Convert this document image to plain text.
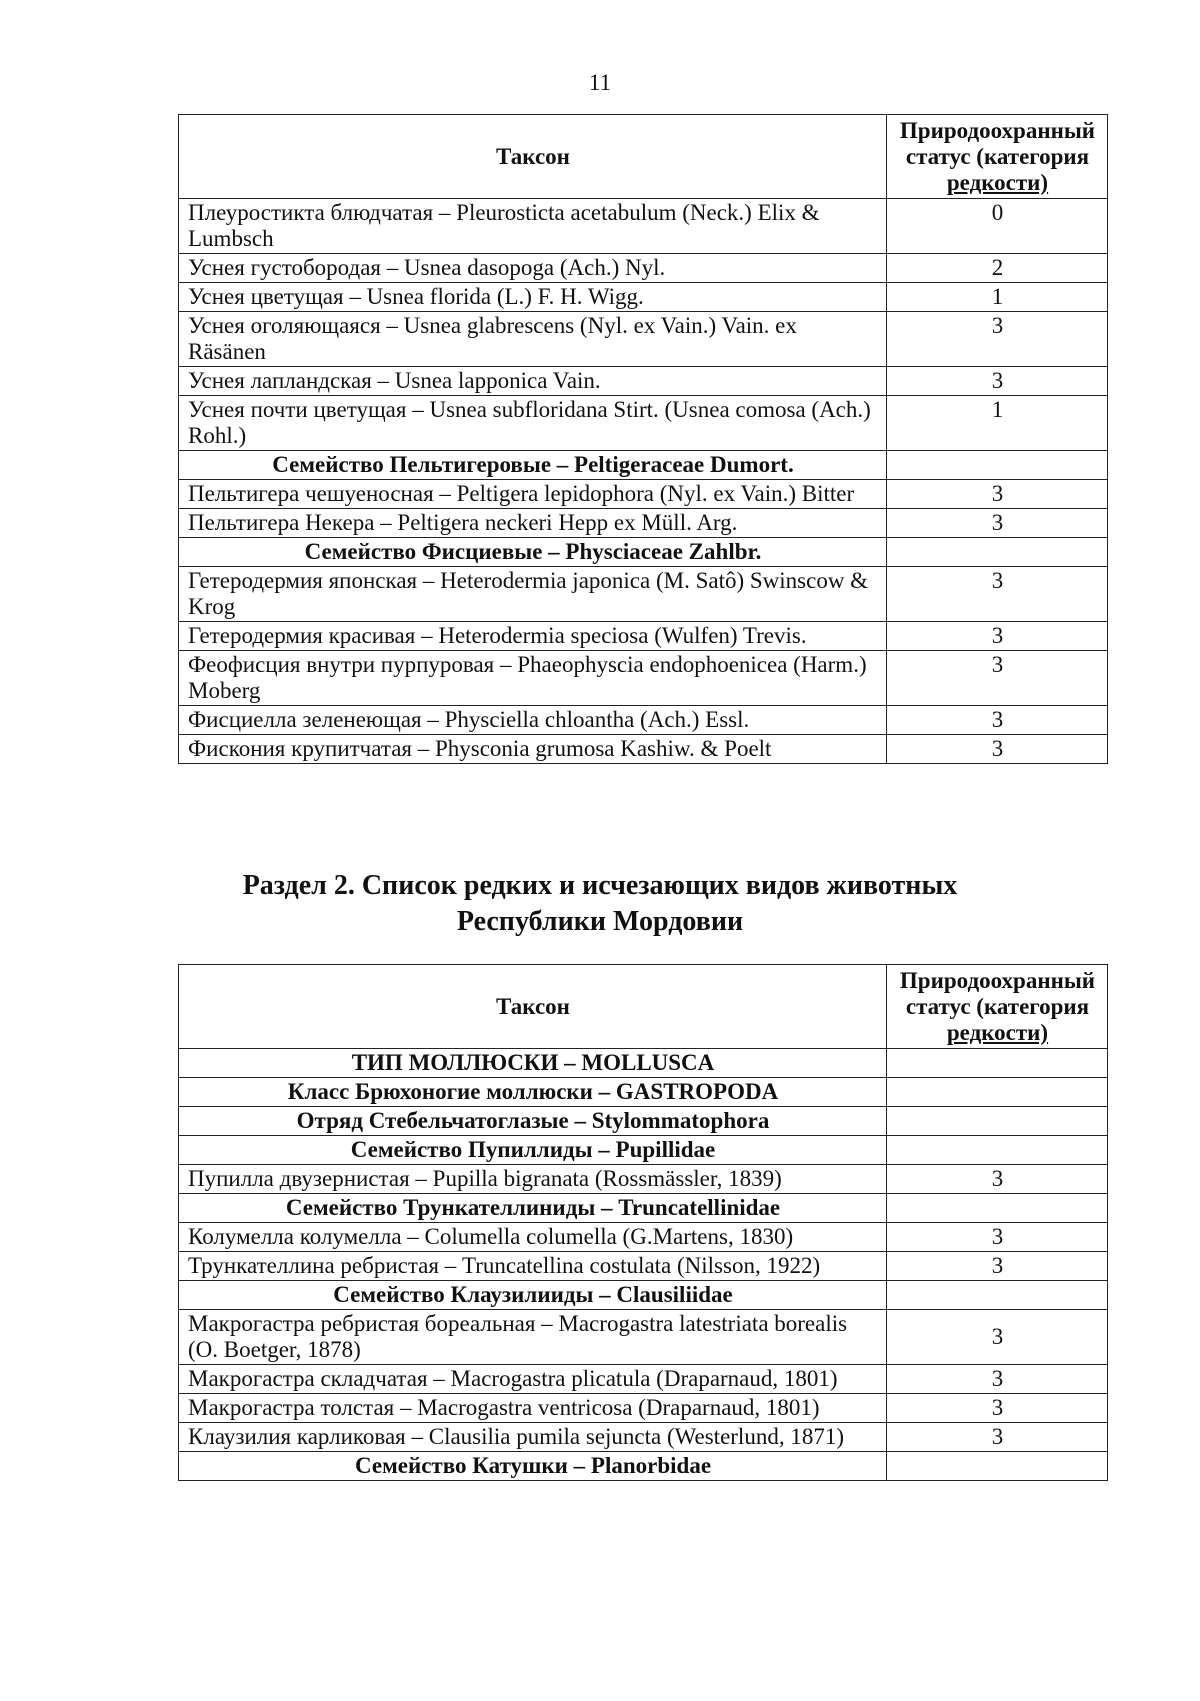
11
Таксон	Природоохранный
статус (категория
редкости)
Плеуростикта блюдчатая – Pleurosticta acetabulum (Neck.) Elix & Lumbsch	0
Уснея густобородая – Usnea dasopoga (Ach.) Nyl.	2
Уснея цветущая – Usnea florida (L.) F. H. Wigg.	1
Уснея оголяющаяся – Usnea glabrescens (Nyl. ex Vain.) Vain. ex Räsänen	3
Уснея лапландская – Usnea lapponica Vain.	3
Уснея почти цветущая – Usnea subfloridana Stirt. (Usnea comosa (Ach.) Rohl.)	1
Семейство Пельтигеровые – Peltigeraceae Dumort.	
Пельтигера чешуеносная – Peltigera lepidophora (Nyl. ex Vain.) Bitter	3
Пельтигера Некера – Peltigera neckeri Hepp ex Müll. Arg.	3
Семейство Фисциевые – Physciaceae Zahlbr.	
Гетеродермия японская – Heterodermia japonica (M. Satô) Swinscow & Krog	3
Гетеродермия красивая – Heterodermia speciosa (Wulfen) Trevis.	3
Феофисция внутри пурпуровая – Phaeophyscia endophoenicea (Harm.) Moberg	3
Фисциелла зеленеющая – Physciella chloantha (Ach.) Essl.	3
Фискония крупитчатая – Physconia grumosa Kashiw. & Poelt	3
Раздел 2. Список редких и исчезающих видов животных
Республики Мордовии
Таксон	Природоохранный
статус (категория
редкости)
ТИП МОЛЛЮСКИ – MOLLUSCA	
Класс Брюхоногие моллюски – GASTROPODA	
Отряд Стебельчатоглазые – Stylommatophora	
Семейство Пупиллиды – Pupillidae	
Пупилла двузернистая – Pupilla bigranata (Rossmässler, 1839)	3
Семейство Трункателлиниды – Truncatellinidae	
Колумелла колумелла – Columella columella (G.Martens, 1830)	3
Трункателлина ребристая – Truncatellina costulata (Nilsson, 1922)	3
Семейство Клаузилииды – Clausiliidae	
Макрогастра ребристая бореальная – Macrogastra latestriata borealis (O. Boetger, 1878)	3
Макрогастра складчатая – Macrogastra plicatula (Draparnaud, 1801)	3
Макрогастра толстая – Macrogastra ventricosa (Draparnaud, 1801)	3
Клаузилия карликовая – Clausilia pumila sejuncta (Westerlund, 1871)	3
Семейство Катушки – Planorbidae	
